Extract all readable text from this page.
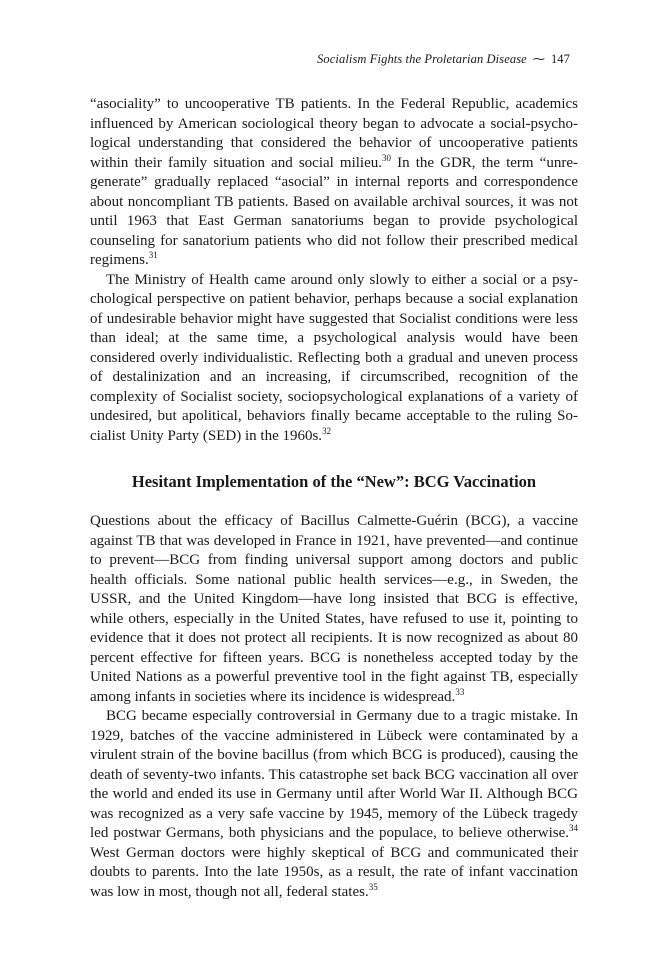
Socialism Fights the Proletarian Disease ⁓ 147

“asociality” to uncooperative TB patients. In the Federal Republic, academics influenced by American sociological theory began to advocate a social-psychological understanding that considered the behavior of uncooperative patients within their family situation and social milieu.$^{30}$ In the GDR, the term “unregenerate” gradually replaced “asocial” in internal reports and correspondence about noncompliant TB patients. Based on available archival sources, it was not until 1963 that East German sanatoriums began to provide psychological counseling for sanatorium patients who did not follow their prescribed medical regimens.$^{31}$

The Ministry of Health came around only slowly to either a social or a psychological perspective on patient behavior, perhaps because a social explanation of undesirable behavior might have suggested that Socialist conditions were less than ideal; at the same time, a psychological analysis would have been considered overly individualistic. Reflecting both a gradual and uneven process of destalinization and an increasing, if circumscribed, recognition of the complexity of Socialist society, sociopsychological explanations of a variety of undesired, but apolitical, behaviors finally became acceptable to the ruling Socialist Unity Party (SED) in the 1960s.$^{32}$

Hesitant Implementation of the “New”: BCG Vaccination

Questions about the efficacy of Bacillus Calmette-Guérin (BCG), a vaccine against TB that was developed in France in 1921, have prevented—and continue to prevent—BCG from finding universal support among doctors and public health officials. Some national public health services—e.g., in Sweden, the USSR, and the United Kingdom—have long insisted that BCG is effective, while others, especially in the United States, have refused to use it, pointing to evidence that it does not protect all recipients. It is now recognized as about 80 percent effective for fifteen years. BCG is nonetheless accepted today by the United Nations as a powerful preventive tool in the fight against TB, especially among infants in societies where its incidence is widespread.$^{33}$

BCG became especially controversial in Germany due to a tragic mistake. In 1929, batches of the vaccine administered in Lübeck were contaminated by a virulent strain of the bovine bacillus (from which BCG is produced), causing the death of seventy-two infants. This catastrophe set back BCG vaccination all over the world and ended its use in Germany until after World War II. Although BCG was recognized as a very safe vaccine by 1945, memory of the Lübeck tragedy led postwar Germans, both physicians and the populace, to believe otherwise.$^{34}$ West German doctors were highly skeptical of BCG and communicated their doubts to parents. Into the late 1950s, as a result, the rate of infant vaccination was low in most, though not all, federal states.$^{35}$
